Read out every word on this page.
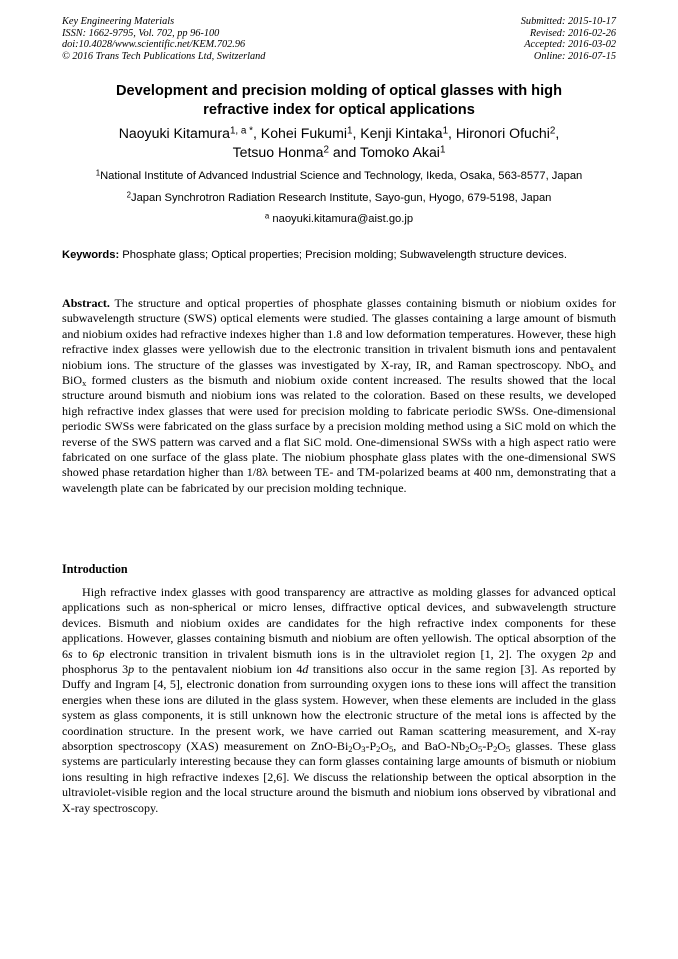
Key Engineering Materials
ISSN: 1662-9795, Vol. 702, pp 96-100
doi:10.4028/www.scientific.net/KEM.702.96
© 2016 Trans Tech Publications Ltd, Switzerland
Submitted: 2015-10-17
Revised: 2016-02-26
Accepted: 2016-03-02
Online: 2016-07-15
Development and precision molding of optical glasses with high
refractive index for optical applications
Naoyuki Kitamura$^{1, a *}$, Kohei Fukumi$^1$, Kenji Kintaka$^1$, Hironori Ofuchi$^2$,
Tetsuo Honma$^2$ and Tomoko Akai$^1$
$^1$National Institute of Advanced Industrial Science and Technology, Ikeda, Osaka, 563-8577, Japan
$^2$Japan Synchrotron Radiation Research Institute, Sayo-gun, Hyogo, 679-5198, Japan
$^a$ naoyuki.kitamura@aist.go.jp
Keywords: Phosphate glass; Optical properties; Precision molding; Subwavelength structure devices.
Abstract. The structure and optical properties of phosphate glasses containing bismuth or niobium oxides for subwavelength structure (SWS) optical elements were studied. The glasses containing a large amount of bismuth and niobium oxides had refractive indexes higher than 1.8 and low deformation temperatures. However, these high refractive index glasses were yellowish due to the electronic transition in trivalent bismuth ions and pentavalent niobium ions. The structure of the glasses was investigated by X-ray, IR, and Raman spectroscopy. NbO$_x$ and BiO$_x$ formed clusters as the bismuth and niobium oxide content increased. The results showed that the local structure around bismuth and niobium ions was related to the coloration. Based on these results, we developed high refractive index glasses that were used for precision molding to fabricate periodic SWSs. One-dimensional periodic SWSs were fabricated on the glass surface by a precision molding method using a SiC mold on which the reverse of the SWS pattern was carved and a flat SiC mold. One-dimensional SWSs with a high aspect ratio were fabricated on one surface of the glass plate. The niobium phosphate glass plates with the one-dimensional SWS showed phase retardation higher than 1/8λ between TE- and TM-polarized beams at 400 nm, demonstrating that a wavelength plate can be fabricated by our precision molding technique.
Introduction
High refractive index glasses with good transparency are attractive as molding glasses for advanced optical applications such as non-spherical or micro lenses, diffractive optical devices, and subwavelength structure devices. Bismuth and niobium oxides are candidates for the high refractive index components for these applications. However, glasses containing bismuth and niobium are often yellowish. The optical absorption of the 6s to 6p electronic transition in trivalent bismuth ions is in the ultraviolet region [1, 2]. The oxygen 2p and phosphorus 3p to the pentavalent niobium ion 4d transitions also occur in the same region [3]. As reported by Duffy and Ingram [4, 5], electronic donation from surrounding oxygen ions to these ions will affect the transition energies when these ions are diluted in the glass system. However, when these elements are included in the glass system as glass components, it is still unknown how the electronic structure of the metal ions is affected by the coordination structure. In the present work, we have carried out Raman scattering measurement, and X-ray absorption spectroscopy (XAS) measurement on ZnO-$Bi_2O_3-P_2O_5$, and BaO-$Nb_2O_5-P_2O_5$ glasses. These glass systems are particularly interesting because they can form glasses containing large amounts of bismuth or niobium ions resulting in high refractive indexes [2,6]. We discuss the relationship between the optical absorption in the ultraviolet-visible region and the local structure around the bismuth and niobium ions observed by vibrational and X-ray spectroscopy.
